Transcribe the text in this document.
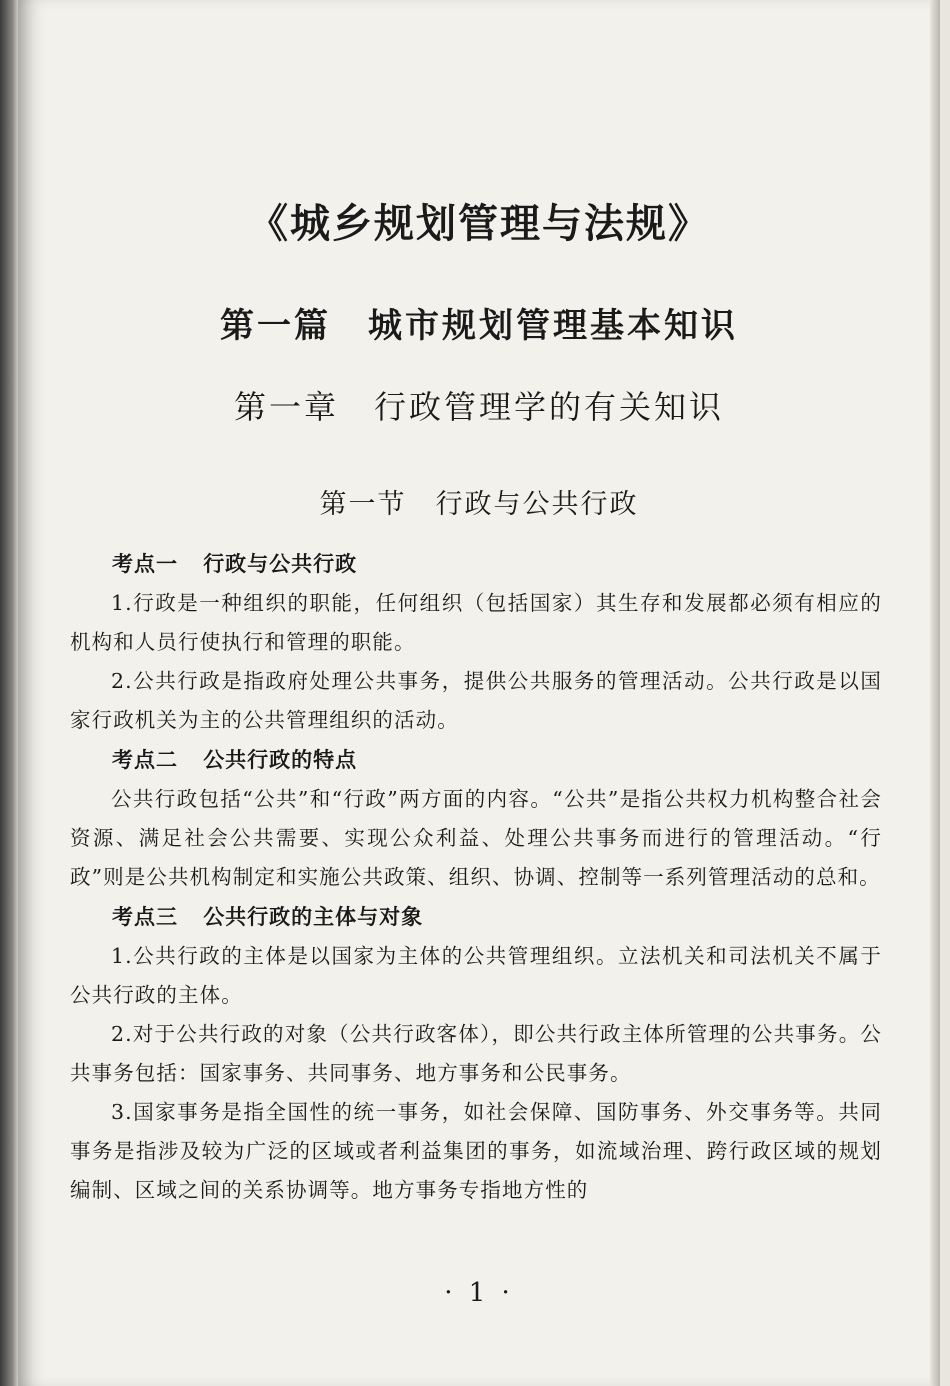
《城乡规划管理与法规》
第一篇　城市规划管理基本知识
第一章　行政管理学的有关知识
第一节　行政与公共行政
考点一 行政与公共行政

1.行政是一种组织的职能，任何组织（包括国家）其生存和发展都必须有相应的机构和人员行使执行和管理的职能。

2.公共行政是指政府处理公共事务，提供公共服务的管理活动。公共行政是以国家行政机关为主的公共管理组织的活动。

考点二 公共行政的特点

公共行政包括“公共”和“行政”两方面的内容。“公共”是指公共权力机构整合社会资源、满足社会公共需要、实现公众利益、处理公共事务而进行的管理活动。“行政”则是公共机构制定和实施公共政策、组织、协调、控制等一系列管理活动的总和。

考点三 公共行政的主体与对象

1.公共行政的主体是以国家为主体的公共管理组织。立法机关和司法机关不属于公共行政的主体。

2.对于公共行政的对象（公共行政客体），即公共行政主体所管理的公共事务。公共事务包括：国家事务、共同事务、地方事务和公民事务。

3.国家事务是指全国性的统一事务，如社会保障、国防事务、外交事务等。共同事务是指涉及较为广泛的区域或者利益集团的事务，如流域治理、跨行政区域的规划编制、区域之间的关系协调等。地方事务专指地方性的

· 1 ·
